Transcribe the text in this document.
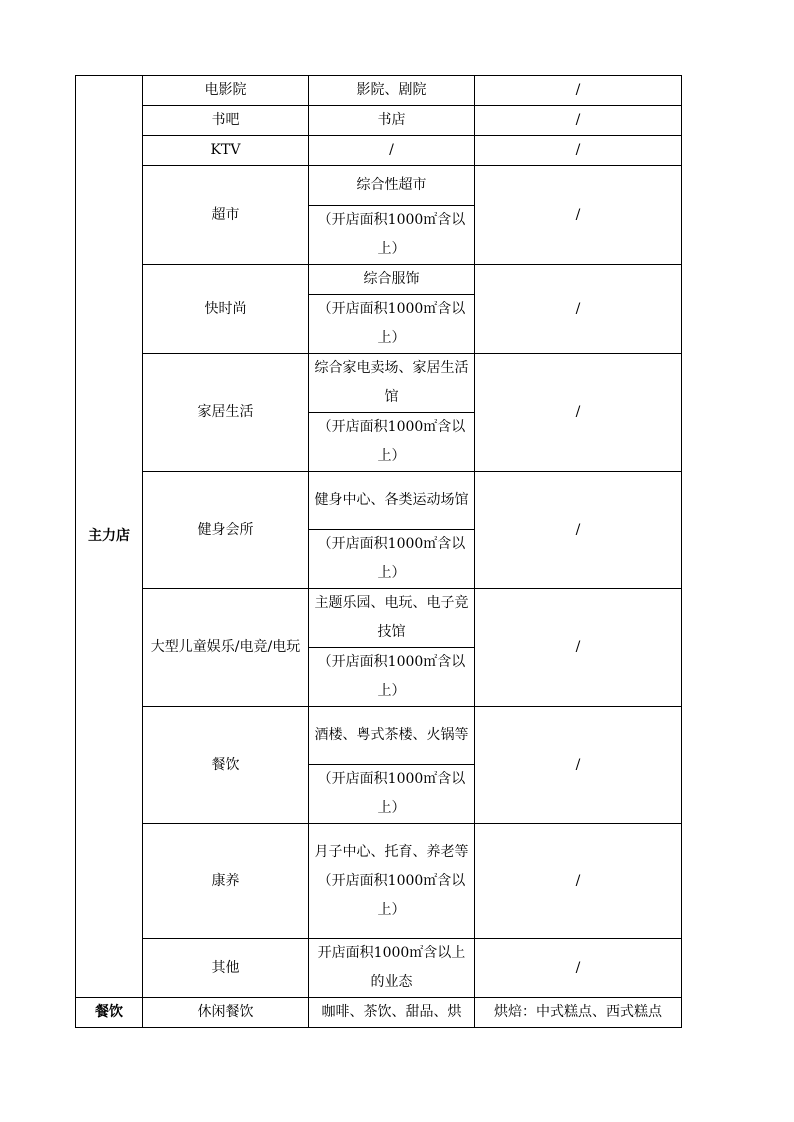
主力店	电影院	影院、剧院	/
	书吧	书店	/
	KTV	/	/
	超市	综合性超市	/
		（开店面积1000㎡含以上）	
	快时尚	综合服饰	/
		（开店面积1000㎡含以上）	
	家居生活	综合家电卖场、家居生活馆	/
		（开店面积1000㎡含以上）	
	健身会所	健身中心、各类运动场馆	/
		（开店面积1000㎡含以上）	
	大型儿童娱乐/电竞/电玩	主题乐园、电玩、电子竞技馆	/
		（开店面积1000㎡含以上）	
	餐饮	酒楼、粤式茶楼、火锅等	/
		（开店面积1000㎡含以上）	
	康养	月子中心、托育、养老等（开店面积1000㎡含以上）	/
	其他	开店面积1000㎡含以上的业态	/

餐饮	休闲餐饮	咖啡、茶饮、甜品、烘	烘焙：中式糕点、西式糕点
